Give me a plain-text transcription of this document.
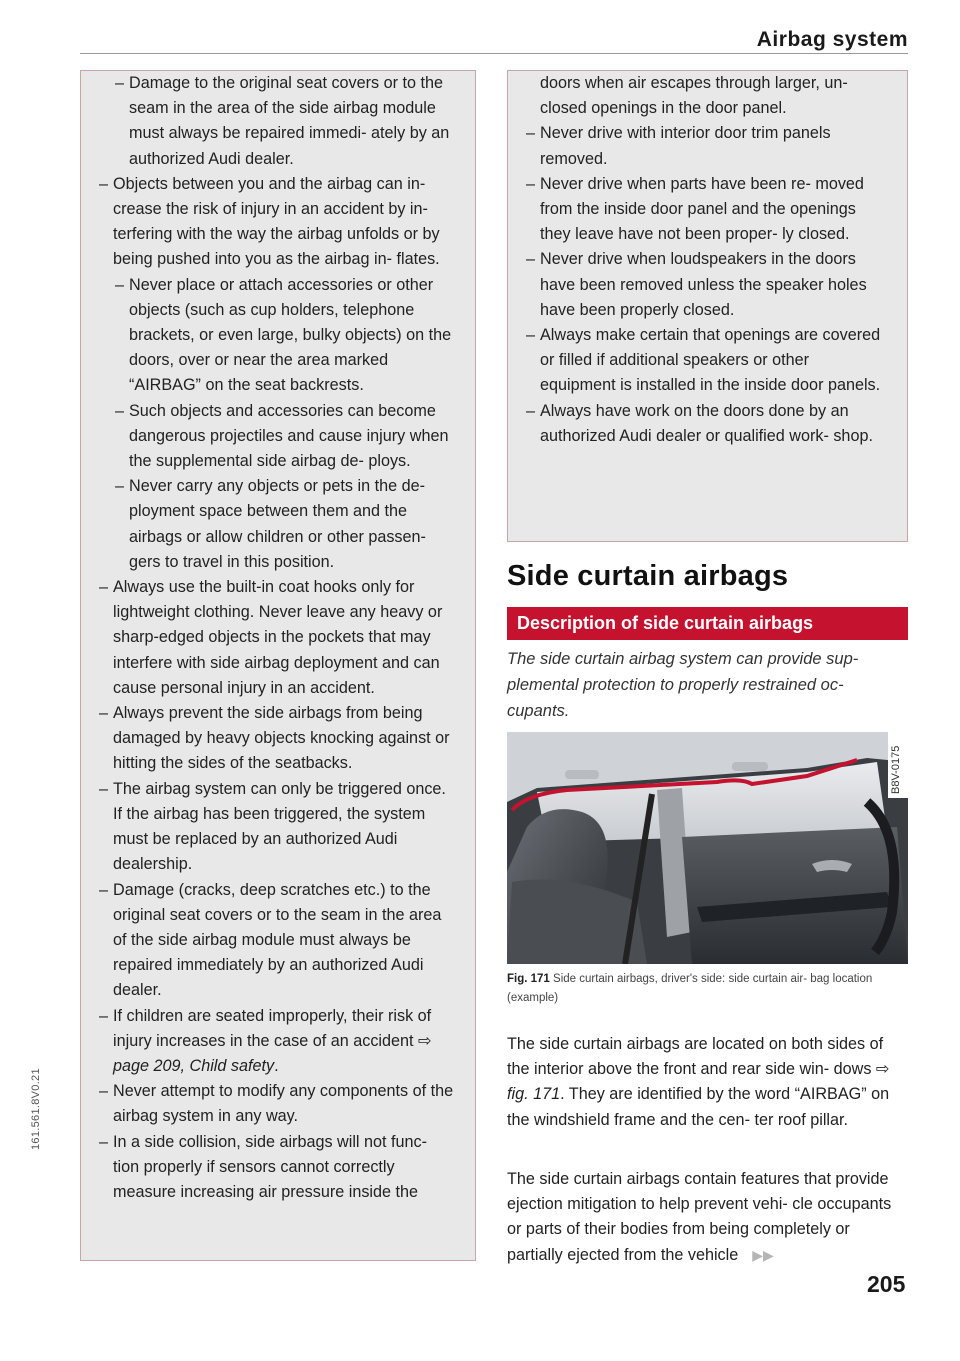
Airbag system
– Damage to the original seat covers or to the seam in the area of the side airbag module must always be repaired immedi- ately by an authorized Audi dealer.
– Objects between you and the airbag can in- crease the risk of injury in an accident by in- terfering with the way the airbag unfolds or by being pushed into you as the airbag in- flates.
– Never place or attach accessories or other objects (such as cup holders, telephone brackets, or even large, bulky objects) on the doors, over or near the area marked “AIRBAG” on the seat backrests.
– Such objects and accessories can become dangerous projectiles and cause injury when the supplemental side airbag de- ploys.
– Never carry any objects or pets in the de- ployment space between them and the airbags or allow children or other passen- gers to travel in this position.
– Always use the built-in coat hooks only for lightweight clothing. Never leave any heavy or sharp-edged objects in the pockets that may interfere with side airbag deployment and can cause personal injury in an accident.
– Always prevent the side airbags from being damaged by heavy objects knocking against or hitting the sides of the seatbacks.
– The airbag system can only be triggered once. If the airbag has been triggered, the system must be replaced by an authorized Audi dealership.
– Damage (cracks, deep scratches etc.) to the original seat covers or to the seam in the area of the side airbag module must always be repaired immediately by an authorized Audi dealer.
– If children are seated improperly, their risk of injury increases in the case of an accident ⇨ page 209, Child safety.
– Never attempt to modify any components of the airbag system in any way.
– In a side collision, side airbags will not func- tion properly if sensors cannot correctly measure increasing air pressure inside the
doors when air escapes through larger, un- closed openings in the door panel.
– Never drive with interior door trim panels removed.
– Never drive when parts have been re- moved from the inside door panel and the openings they leave have not been proper- ly closed.
– Never drive when loudspeakers in the doors have been removed unless the speaker holes have been properly closed.
– Always make certain that openings are covered or filled if additional speakers or other equipment is installed in the inside door panels.
– Always have work on the doors done by an authorized Audi dealer or qualified work- shop.
Side curtain airbags
Description of side curtain airbags
The side curtain airbag system can provide sup- plemental protection to properly restrained oc- cupants.
B8V-0175
Fig. 171 Side curtain airbags, driver's side: side curtain air- bag location (example)
The side curtain airbags are located on both sides of the interior above the front and rear side win- dows ⇨ fig. 171. They are identified by the word “AIRBAG” on the windshield frame and the cen- ter roof pillar.
The side curtain airbags contain features that provide ejection mitigation to help prevent vehi- cle occupants or parts of their bodies from being completely or partially ejected from the vehicle ▶▶
205
161.561.8V0.21
